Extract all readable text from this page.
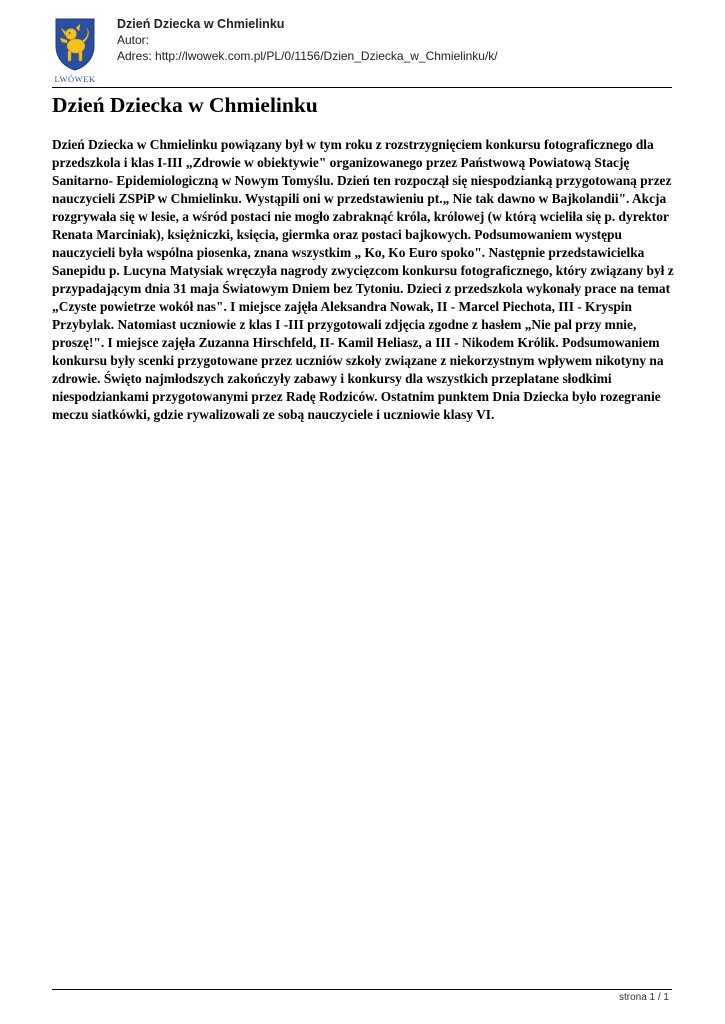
LWÓWEK
Dzień Dziecka w Chmielinku
Autor:
Adres: http://lwowek.com.pl/PL/0/1156/Dzien_Dziecka_w_Chmielinku/k/
Dzień Dziecka w Chmielinku

Dzień Dziecka w Chmielinku powiązany był w tym roku z rozstrzygnięciem konkursu fotograficznego dla przedszkola i klas I-III „Zdrowie w obiektywie" organizowanego przez Państwową Powiatową Stację Sanitarno- Epidemiologiczną w Nowym Tomyślu. Dzień ten rozpoczął się niespodzianką przygotowaną przez nauczycieli ZSPiP w Chmielinku. Wystąpili oni w przedstawieniu pt.„ Nie tak dawno w Bajkolandii". Akcja rozgrywała się w lesie, a wśród postaci nie mogło zabraknąć króla, królowej (w którą wcieliła się p. dyrektor Renata Marciniak), księżniczki, księcia, giermka oraz postaci bajkowych. Podsumowaniem występu nauczycieli była wspólna piosenka, znana wszystkim „ Ko, Ko Euro spoko". Następnie przedstawicielka Sanepidu p. Lucyna Matysiak wręczyła nagrody zwycięzcom konkursu fotograficznego, który związany był z przypadającym dnia 31 maja Światowym Dniem bez Tytoniu. Dzieci z przedszkola wykonały prace na temat „Czyste powietrze wokół nas". I miejsce zajęła Aleksandra Nowak, II - Marcel Piechota, III - Kryspin Przybylak. Natomiast uczniowie z klas I -III przygotowali zdjęcia zgodne z hasłem „Nie pal przy mnie, proszę!". I miejsce zajęła Zuzanna Hirschfeld, II- Kamil Heliasz, a III - Nikodem Królik. Podsumowaniem konkursu były scenki przygotowane przez uczniów szkoły związane z niekorzystnym wpływem nikotyny na zdrowie. Święto najmłodszych zakończyły zabawy i konkursy dla wszystkich przeplatane słodkimi niespodziankami przygotowanymi przez Radę Rodziców. Ostatnim punktem Dnia Dziecka było rozegranie meczu siatkówki, gdzie rywalizowali ze sobą nauczyciele i uczniowie klasy VI.

strona 1 / 1
